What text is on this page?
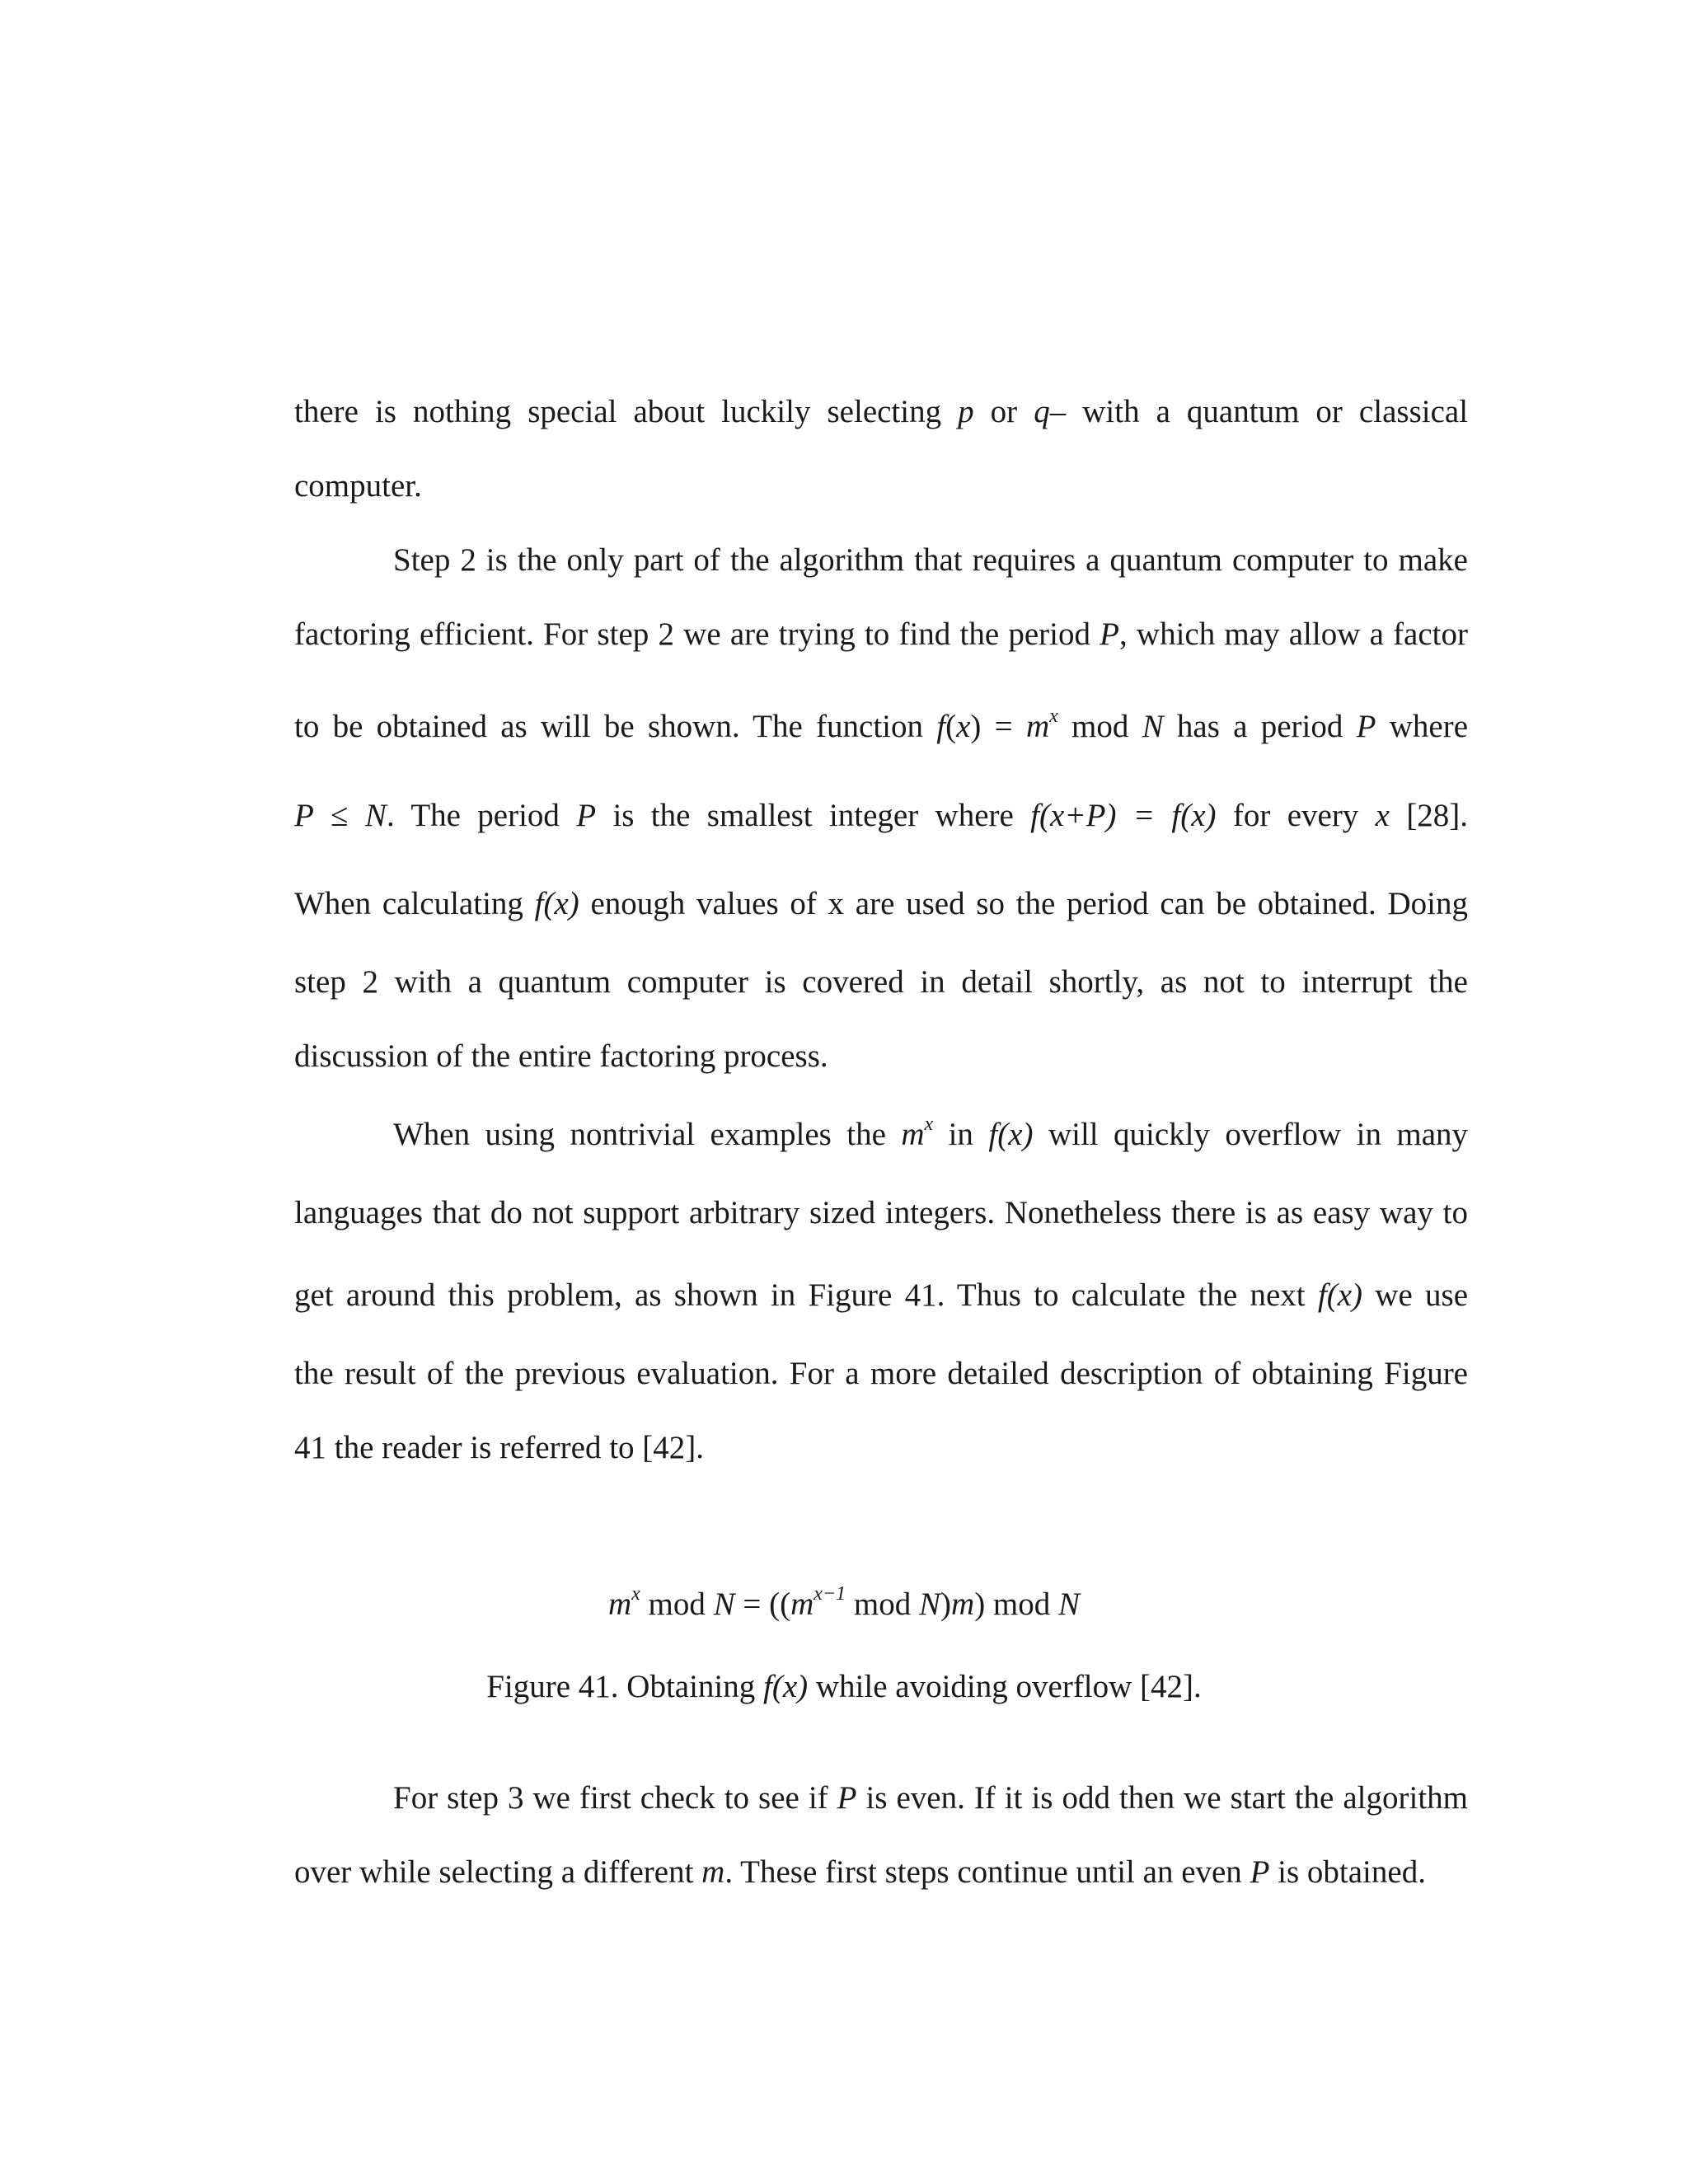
there is nothing special about luckily selecting p or q– with a quantum or classical
computer.
Step 2 is the only part of the algorithm that requires a quantum computer to make
factoring efficient. For step 2 we are trying to find the period P, which may allow a factor
to be obtained as will be shown. The function $f(x) = m^x$ mod N has a period P where
P ≤ N. The period P is the smallest integer where f(x+P) = f(x) for every x [28].
When calculating f(x) enough values of x are used so the period can be obtained. Doing
step 2 with a quantum computer is covered in detail shortly, as not to interrupt the
discussion of the entire factoring process.
When using nontrivial examples the $m^x$ in f(x) will quickly overflow in many
languages that do not support arbitrary sized integers. Nonetheless there is as easy way to
get around this problem, as shown in Figure 41. Thus to calculate the next f(x) we use
the result of the previous evaluation. For a more detailed description of obtaining Figure
41 the reader is referred to [42].
$m^x$ mod $N = ((m^{x-1}$ mod N)m) mod N
Figure 41. Obtaining f(x) while avoiding overflow [42].
For step 3 we first check to see if P is even. If it is odd then we start the algorithm
over while selecting a different m. These first steps continue until an even P is obtained.
